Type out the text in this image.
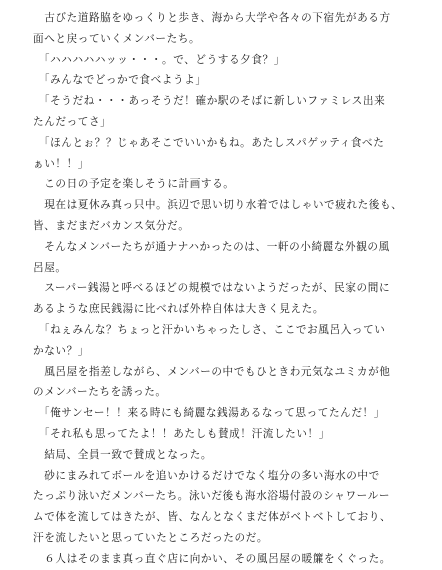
　古びた道路脇をゆっくりと歩き、海から大学や各々の下宿先がある方
面へと戻っていくメンバーたち。
　「ハハハハハッッ・・・。で、どうする夕食？」
　「みんなでどっかで食べようよ」
　「そうだね・・・あっそうだ！確か駅のそばに新しいファミレス出来
たんだってさ」
　「ほんとぉ？？じゃあそこでいいかもね。あたしスパゲッティ食べた
ぁい！！」
　この日の予定を楽しそうに計画する。
　現在は夏休み真っ只中。浜辺で思い切り水着ではしゃいで疲れた後も、
皆、まだまだバカンス気分だ。
　そんなメンバーたちが通ナナハかったのは、一軒の小綺麗な外観の風
呂屋。
　スーパー銭湯と呼べるほどの規模ではないようだったが、民家の間に
あるような庶民銭湯に比べれば外枠自体は大きく見えた。
　「ねぇみんな？ちょっと汗かいちゃったしさ、ここでお風呂入ってい
かない？」
　風呂屋を指差しながら、メンバーの中でもひときわ元気なユミカが他
のメンバーたちを誘った。
　「俺サンセー！！来る時にも綺麗な銭湯あるなって思ってたんだ！」
　「それ私も思ってたよ！！あたしも賛成！汗流したい！」
　結局、全員一致で賛成となった。
　砂にまみれてボールを追いかけるだけでなく塩分の多い海水の中で
たっぷり泳いだメンバーたち。泳いだ後も海水浴場付設のシャワールー
ムで体を流してはきたが、皆、なんとなくまだ体がベトベトしており、
汗を流したいと思っていたところだったのだ。
　６人はそのまま真っ直ぐ店に向かい、その風呂屋の暖簾をくぐった。
